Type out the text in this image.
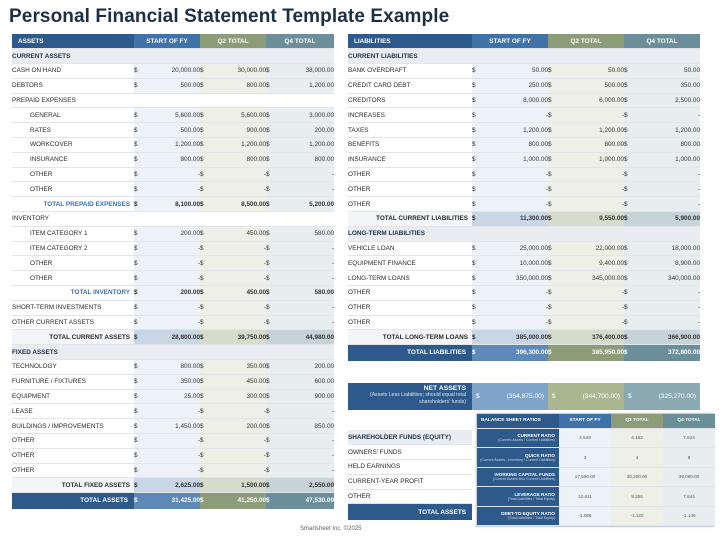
Personal Financial Statement Template Example
ASSETS	START OF FY		Q2 TOTAL		Q4 TOTAL	
CURRENT ASSETS						
CASH ON HAND	$	20,000.00	$	30,000.00	$	38,000.00
DEBTORS	$	500.00	$	800.00	$	1,200.00
PREPAID EXPENSES						
GENERAL	$	5,600.00	$	5,600.00	$	3,000.00
RATES	$	500.00	$	900.00	$	200.00
WORKCOVER	$	1,200.00	$	1,200.00	$	1,200.00
INSURANCE	$	800.00	$	800.00	$	800.00
OTHER	$	-	$	-	$	-
OTHER	$	-	$	-	$	-
TOTAL PREPAID EXPENSES	$	8,100.00	$	8,500.00	$	5,200.00
INVENTORY						
ITEM CATEGORY 1	$	200.00	$	450.00	$	580.00
ITEM CATEGORY 2	$	-	$	-	$	-
OTHER	$	-	$	-	$	-
OTHER	$	-	$	-	$	-
TOTAL INVENTORY	$	200.00	$	450.00	$	580.00
SHORT-TERM INVESTMENTS	$	-	$	-	$	-
OTHER CURRENT ASSETS	$	-	$	-	$	-
TOTAL CURRENT ASSETS	$	28,800.00	$	39,750.00	$	44,980.00
FIXED ASSETS						
TECHNOLOGY	$	800.00	$	350.00	$	200.00
FURNITURE / FIXTURES	$	350.00	$	450.00	$	600.00
EQUIPMENT	$	25.00	$	300.00	$	900.00
LEASE	$	-	$	-	$	-
BUILDINGS / IMPROVEMENTS	$	1,450.00	$	200.00	$	850.00
OTHER	$	-	$	-	$	-
OTHER	$	-	$	-	$	-
OTHER	$	-	$	-	$	-
TOTAL FIXED ASSETS	$	2,625.00	$	1,500.00	$	2,550.00
TOTAL ASSETS	$	31,425.00	$	41,250.00	$	47,530.00
LIABILITIES	START OF FY		Q2 TOTAL		Q4 TOTAL	
CURRENT LIABILITIES						
BANK OVERDRAFT	$	50.00	$	50.00	$	50.00
CREDIT CARD DEBT	$	250.00	$	500.00	$	350.00
CREDITORS	$	8,000.00	$	6,000.00	$	2,500.00
INCREASES	$	-	$	-	$	-
TAXES	$	1,200.00	$	1,200.00	$	1,200.00
BENEFITS	$	800.00	$	800.00	$	800.00
INSURANCE	$	1,000.00	$	1,000.00	$	1,000.00
OTHER	$	-	$	-	$	-
OTHER	$	-	$	-	$	-
OTHER	$	-	$	-	$	-
TOTAL CURRENT LIABILITIES	$	11,300.00	$	9,550.00	$	5,900.00
LONG-TERM LIABILITIES						
VEHICLE LOAN	$	25,000.00	$	22,000.00	$	18,000.00
EQUIPMENT FINANCE	$	10,000.00	$	9,400.00	$	8,900.00
LONG-TERM LOANS	$	350,000.00	$	345,000.00	$	340,000.00
OTHER	$	-	$	-	$	-
OTHER	$	-	$	-	$	-
OTHER	$	-	$	-	$	-
TOTAL LONG-TERM LOANS	$	385,000.00	$	376,400.00	$	366,900.00
TOTAL LIABILITIES	$	396,300.00	$	385,950.00	$	372,800.00
NET ASSETS
(Assets Less Liabilities; should equal total shareholders' funds)
$	(364,875.00) $	(344,700.00) $	(325,270.00)
SHAREHOLDER FUNDS (EQUITY)
OWNERS' FUNDS
HELD EARNINGS
CURRENT-YEAR PROFIT
OTHER
TOTAL ASSETS
BALANCE SHEET RATIOS	START OF FY	Q2 TOTAL	Q4 TOTAL

CURRENT RATIO
(Current Assets / Current Liabilities)	2.549	4.162	7.624

QUICK RATIO
(Current Assets - Inventory / Current Liabilities)	3	4	8

WORKING CAPITAL FUNDS
(Current Assets less Current Liabilities)	17,500.00	30,200.00	39,080.00

LEVERAGE RATIO
(Total Liabilities / Total Equity)	12.611	9.356	7.844

DEBT-TO-EQUITY RATIO
(Total Liabilities / Total Equity)	-1.086	-1.120	-1.146
Smartsheet Inc. ©2025
